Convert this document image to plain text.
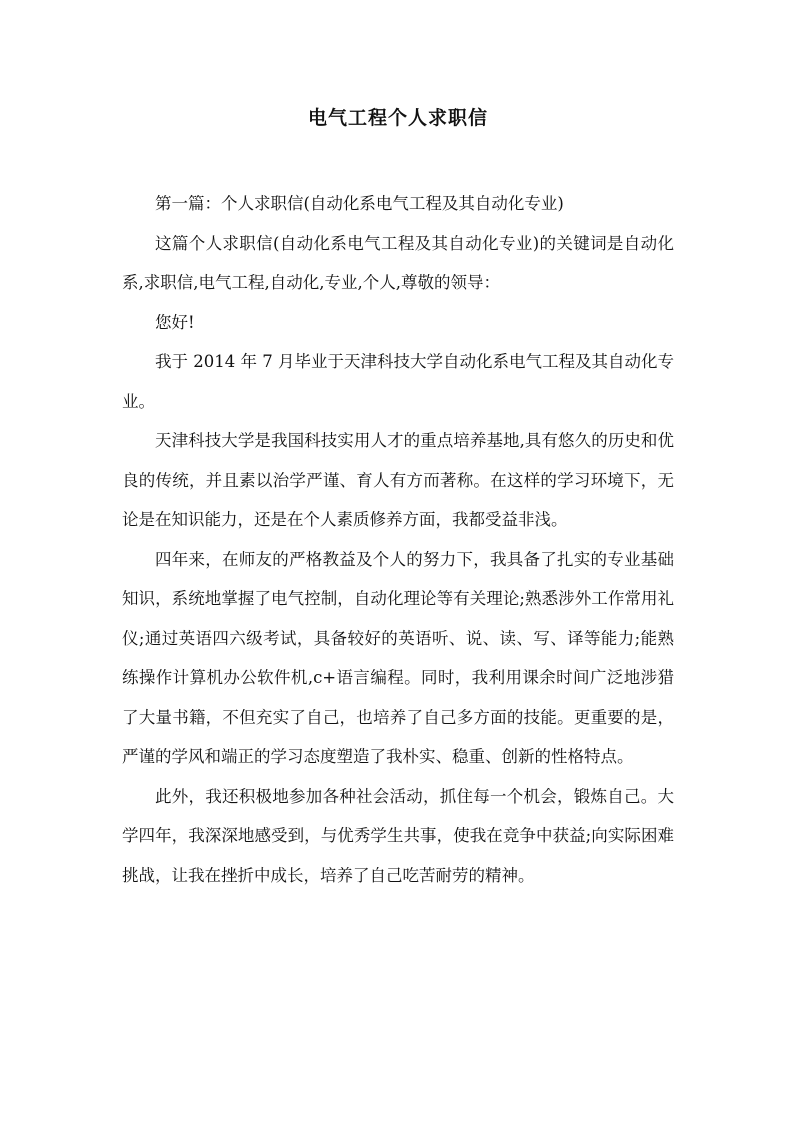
电气工程个人求职信

第一篇：个人求职信(自动化系电气工程及其自动化专业)

这篇个人求职信(自动化系电气工程及其自动化专业)的关键词是自动化系,求职信,电气工程,自动化,专业,个人,尊敬的领导：

您好!

我于 2014 年 7 月毕业于天津科技大学自动化系电气工程及其自动化专业。

天津科技大学是我国科技实用人才的重点培养基地,具有悠久的历史和优良的传统，并且素以治学严谨、育人有方而著称。在这样的学习环境下，无论是在知识能力，还是在个人素质修养方面，我都受益非浅。

四年来，在师友的严格教益及个人的努力下，我具备了扎实的专业基础知识，系统地掌握了电气控制，自动化理论等有关理论;熟悉涉外工作常用礼仪;通过英语四六级考试，具备较好的英语听、说、读、写、译等能力;能熟练操作计算机办公软件机,c+语言编程。同时，我利用课余时间广泛地涉猎了大量书籍，不但充实了自己，也培养了自己多方面的技能。更重要的是，严谨的学风和端正的学习态度塑造了我朴实、稳重、创新的性格特点。

此外，我还积极地参加各种社会活动，抓住每一个机会，锻炼自己。大学四年，我深深地感受到，与优秀学生共事，使我在竞争中获益;向实际困难挑战，让我在挫折中成长，培养了自己吃苦耐劳的精神。
